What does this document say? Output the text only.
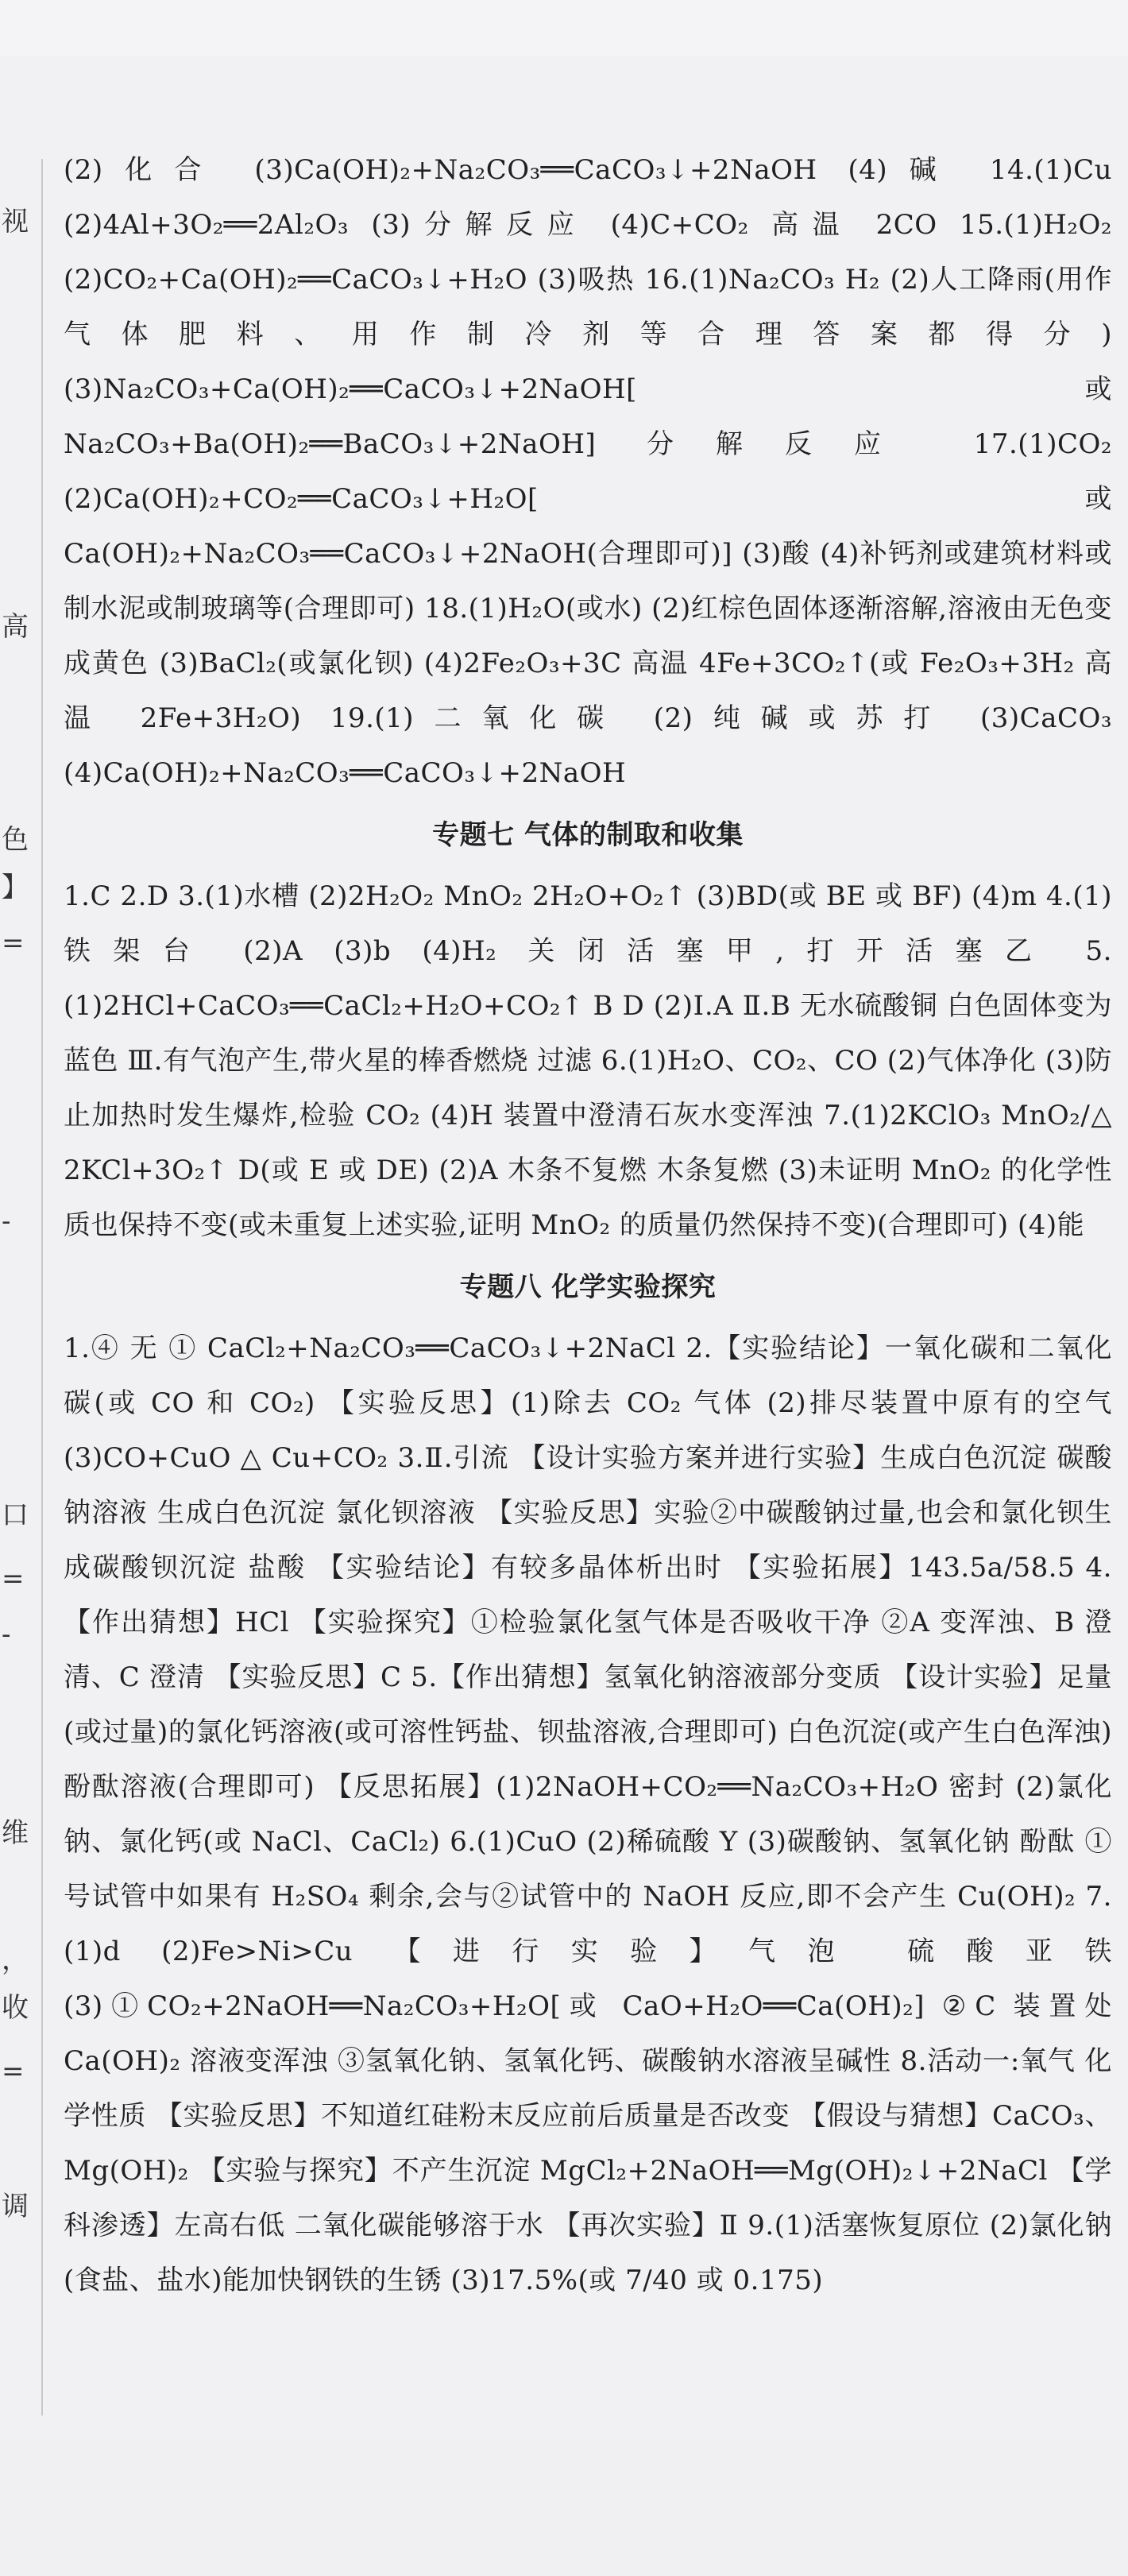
视
高
色
】
=
-
口
=
-
维
，
收
=
调

(2)化合 (3)Ca(OH)₂+Na₂CO₃══CaCO₃↓+2NaOH (4)碱 14.(1)Cu (2)4Al+3O₂══2Al₂O₃ (3)分解反应 (4)C+CO₂ 高温 2CO 15.(1)H₂O₂ (2)CO₂+Ca(OH)₂══CaCO₃↓+H₂O (3)吸热 16.(1)Na₂CO₃ H₂ (2)人工降雨(用作气体肥料、用作制冷剂等合理答案都得分) (3)Na₂CO₃+Ca(OH)₂══CaCO₃↓+2NaOH[或 Na₂CO₃+Ba(OH)₂══BaCO₃↓+2NaOH] 分解反应 17.(1)CO₂ (2)Ca(OH)₂+CO₂══CaCO₃↓+H₂O[或 Ca(OH)₂+Na₂CO₃══CaCO₃↓+2NaOH(合理即可)] (3)酸 (4)补钙剂或建筑材料或制水泥或制玻璃等(合理即可) 18.(1)H₂O(或水) (2)红棕色固体逐渐溶解,溶液由无色变成黄色 (3)BaCl₂(或氯化钡) (4)2Fe₂O₃+3C 高温 4Fe+3CO₂↑(或 Fe₂O₃+3H₂ 高温 2Fe+3H₂O) 19.(1)二氧化碳 (2)纯碱或苏打 (3)CaCO₃ (4)Ca(OH)₂+Na₂CO₃══CaCO₃↓+2NaOH

专题七 气体的制取和收集

1.C 2.D 3.(1)水槽 (2)2H₂O₂ MnO₂ 2H₂O+O₂↑ (3)BD(或 BE 或 BF) (4)m 4.(1)铁架台 (2)A (3)b (4)H₂ 关闭活塞甲,打开活塞乙 5.(1)2HCl+CaCO₃══CaCl₂+H₂O+CO₂↑ B D (2)Ⅰ.A Ⅱ.B 无水硫酸铜 白色固体变为蓝色 Ⅲ.有气泡产生,带火星的棒香燃烧 过滤 6.(1)H₂O、CO₂、CO (2)气体净化 (3)防止加热时发生爆炸,检验 CO₂ (4)H 装置中澄清石灰水变浑浊 7.(1)2KClO₃ MnO₂/△ 2KCl+3O₂↑ D(或 E 或 DE) (2)A 木条不复燃 木条复燃 (3)未证明 MnO₂ 的化学性质也保持不变(或未重复上述实验,证明 MnO₂ 的质量仍然保持不变)(合理即可) (4)能

专题八 化学实验探究

1.④ 无 ① CaCl₂+Na₂CO₃══CaCO₃↓+2NaCl 2.【实验结论】一氧化碳和二氧化碳(或 CO 和 CO₂) 【实验反思】(1)除去 CO₂ 气体 (2)排尽装置中原有的空气 (3)CO+CuO △ Cu+CO₂ 3.Ⅱ.引流 【设计实验方案并进行实验】生成白色沉淀 碳酸钠溶液 生成白色沉淀 氯化钡溶液 【实验反思】实验②中碳酸钠过量,也会和氯化钡生成碳酸钡沉淀 盐酸 【实验结论】有较多晶体析出时 【实验拓展】143.5a/58.5 4.【作出猜想】HCl 【实验探究】①检验氯化氢气体是否吸收干净 ②A 变浑浊、B 澄清、C 澄清 【实验反思】C 5.【作出猜想】氢氧化钠溶液部分变质 【设计实验】足量(或过量)的氯化钙溶液(或可溶性钙盐、钡盐溶液,合理即可) 白色沉淀(或产生白色浑浊) 酚酞溶液(合理即可) 【反思拓展】(1)2NaOH+CO₂══Na₂CO₃+H₂O 密封 (2)氯化钠、氯化钙(或 NaCl、CaCl₂) 6.(1)CuO (2)稀硫酸 Y (3)碳酸钠、氢氧化钠 酚酞 ①号试管中如果有 H₂SO₄ 剩余,会与②试管中的 NaOH 反应,即不会产生 Cu(OH)₂ 7.(1)d (2)Fe>Ni>Cu 【进行实验】气泡 硫酸亚铁 (3)①CO₂+2NaOH══Na₂CO₃+H₂O[或 CaO+H₂O══Ca(OH)₂] ②C 装置处 Ca(OH)₂ 溶液变浑浊 ③氢氧化钠、氢氧化钙、碳酸钠水溶液呈碱性 8.活动一:氧气 化学性质 【实验反思】不知道红硅粉末反应前后质量是否改变 【假设与猜想】CaCO₃、Mg(OH)₂ 【实验与探究】不产生沉淀 MgCl₂+2NaOH══Mg(OH)₂↓+2NaCl 【学科渗透】左高右低 二氧化碳能够溶于水 【再次实验】Ⅱ 9.(1)活塞恢复原位 (2)氯化钠(食盐、盐水)能加快钢铁的生锈 (3)17.5%(或 7/40 或 0.175)
